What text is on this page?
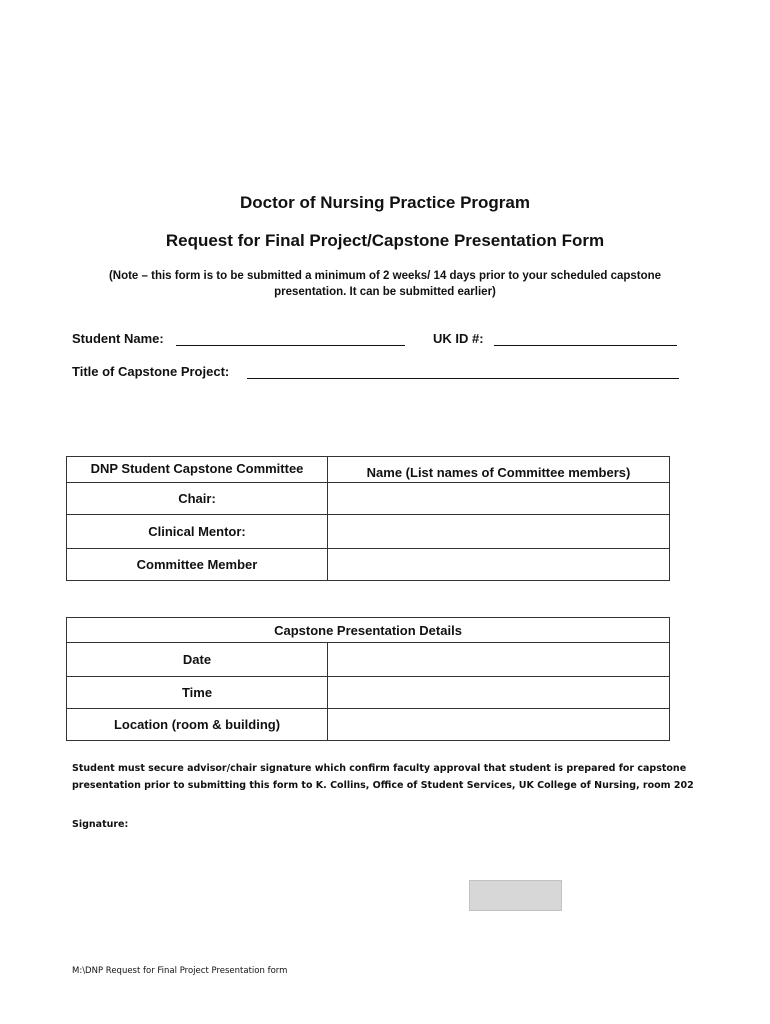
Doctor of Nursing Practice Program
Request for Final Project/Capstone Presentation Form
(Note – this form is to be submitted a minimum of 2 weeks/ 14 days prior to your scheduled capstone
presentation. It can be submitted earlier)
Student Name:	UK ID #:
Title of Capstone Project:
DNP Student Capstone Committee	Name (List names of Committee members)
Chair:	
Clinical Mentor:	
Committee Member	
Capstone Presentation Details	
Date	
Time	
Location (room & building)	
Student must secure advisor/chair signature which confirm faculty approval that student is prepared for capstone
presentation prior to submitting this form to K. Collins, Office of Student Services, UK College of Nursing, room 202
Signature:
M:\DNP Request for Final Project Presentation form
